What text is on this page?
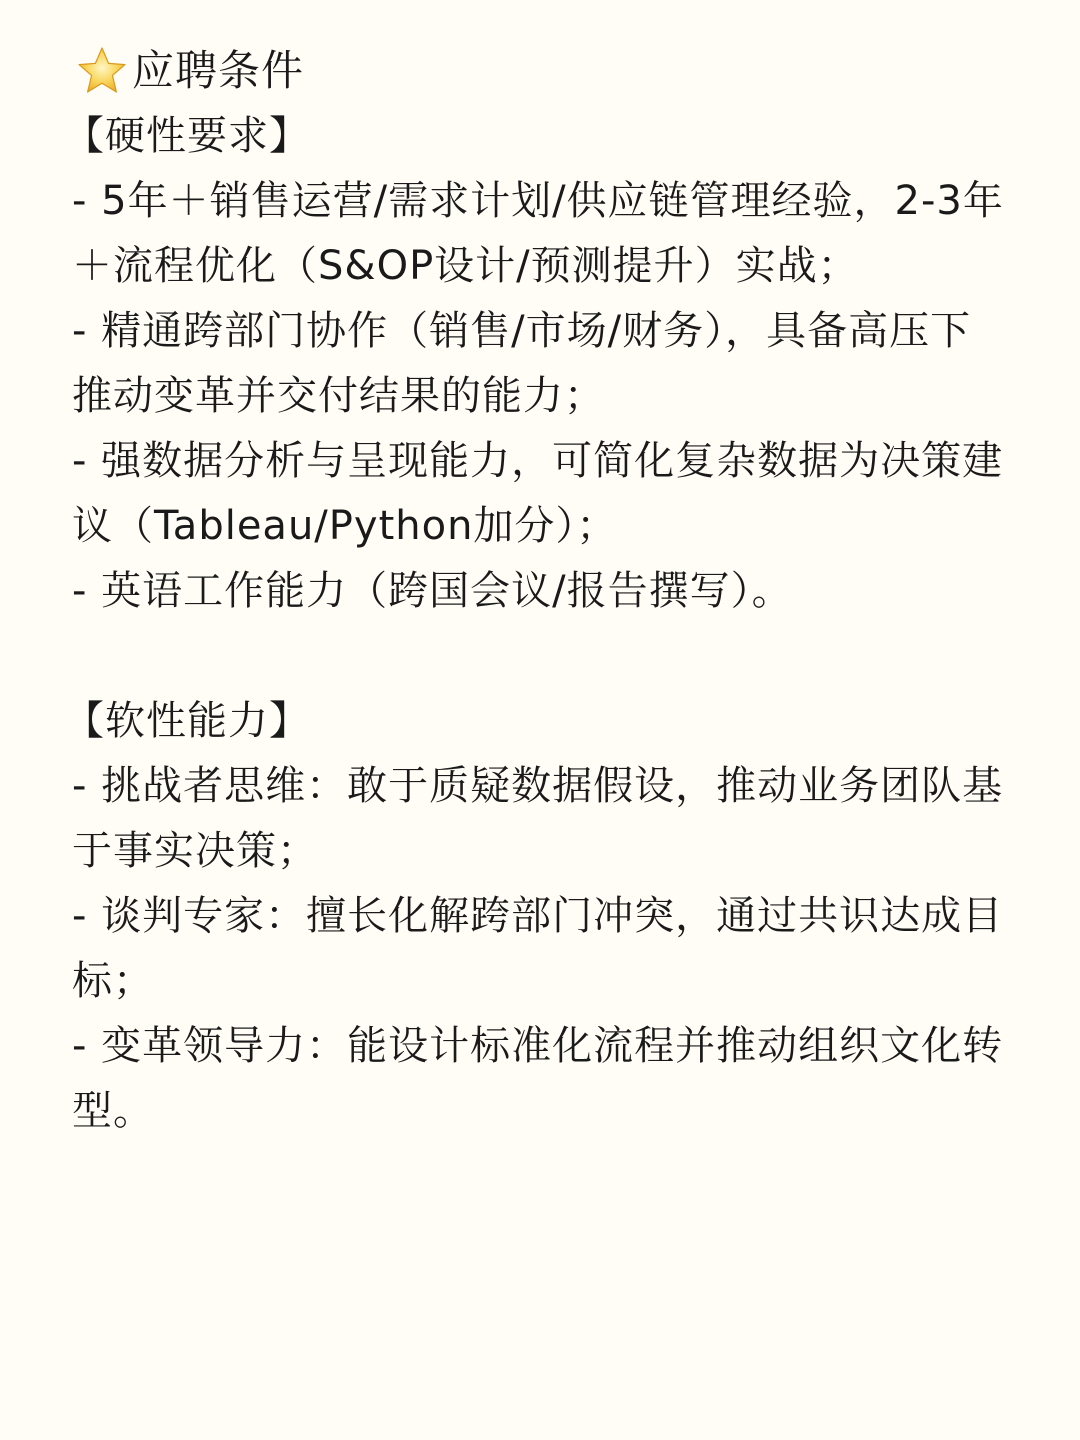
应聘条件
【硬性要求】
- 5年＋销售运营/需求计划/供应链管理经验，2-3年＋流程优化（S&OP设计/预测提升）实战；
- 精通跨部门协作（销售/市场/财务），具备高压下推动变革并交付结果的能力；
- 强数据分析与呈现能力，可简化复杂数据为决策建议（Tableau/Python加分）；
- 英语工作能力（跨国会议/报告撰写）。
【软性能力】
- 挑战者思维：敢于质疑数据假设，推动业务团队基于事实决策；
- 谈判专家：擅长化解跨部门冲突，通过共识达成目标；
- 变革领导力：能设计标准化流程并推动组织文化转型。
